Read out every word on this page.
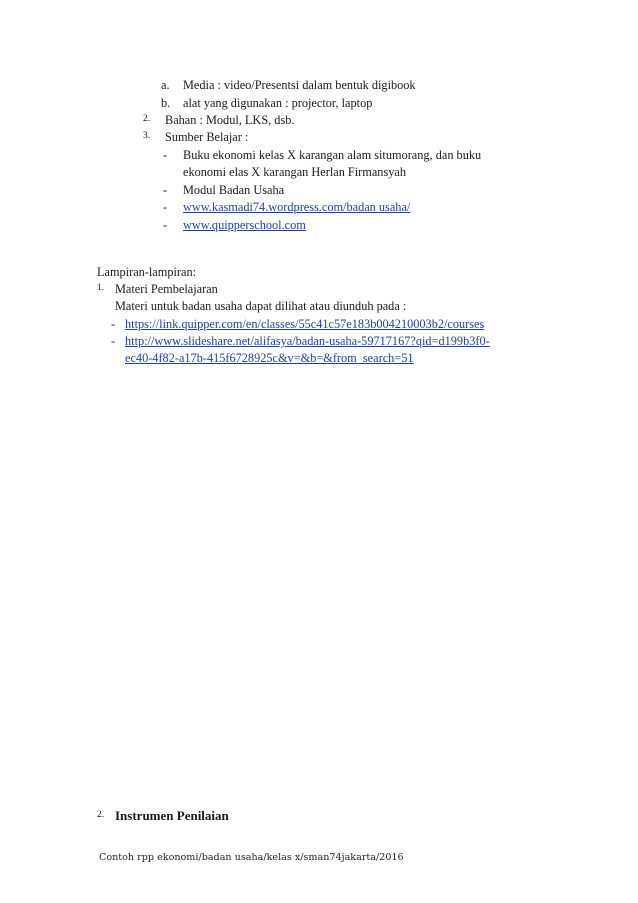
a. Media : video/Presentsi dalam bentuk digibook
b. alat yang digunakan : projector, laptop
2. Bahan : Modul, LKS, dsb.
3. Sumber Belajar :
- Buku ekonomi kelas X karangan alam situmorang, dan buku
ekonomi elas X karangan Herlan Firmansyah
- Modul Badan Usaha
- www.kasmadi74.wordpress.com/badan usaha/
- www.quipperschool.com
Lampiran-lampiran:
1. Materi Pembelajaran
Materi untuk badan usaha dapat dilihat atau diunduh pada :
- https://link.quipper.com/en/classes/55c41c57e183b004210003b2/courses
- http://www.slideshare.net/alifasya/badan-usaha-59717167?qid=d199b3f0-
ec40-4f82-a17b-415f6728925c&v=&b=&from_search=51
2. Instrumen Penilaian
Contoh rpp ekonomi/badan usaha/kelas x/sman74jakarta/2016
